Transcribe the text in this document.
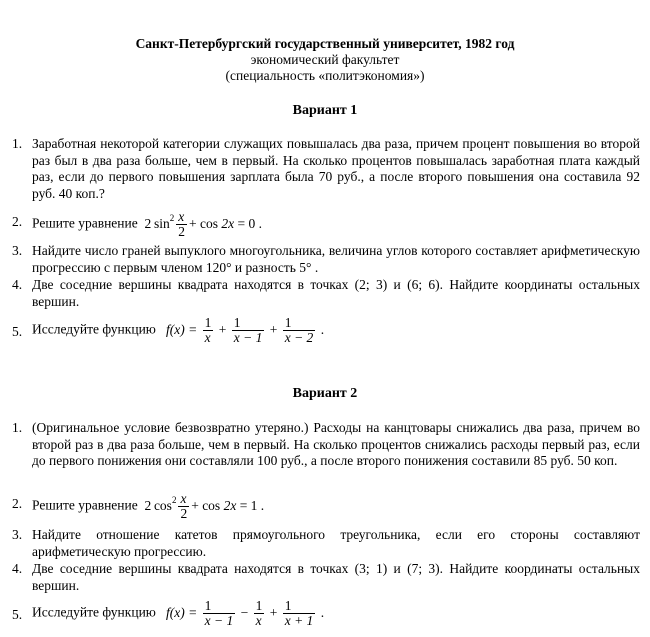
Санкт-Петербургский государственный университет, 1982 год
экономический факультет
(специальность «политэкономия»)
Вариант 1
1. Заработная некоторой категории служащих повышалась два раза, причем процент повышения во второй раз был в два раза больше, чем в первый. На сколько процентов повышалась заработная плата каждый раз, если до первого повышения зарплата была 70 руб., а после второго повышения она составила 92 руб. 40 коп.?
2. Решите уравнение 2  $\sin^2 \frac{x}{2} + \cos 2x = 0$ .
3. Найдите число граней выпуклого многоугольника, величина углов которого составляет арифметическую прогрессию с первым членом 120° и разность 5° .
4. Две соседние вершины квадрата находятся в точках (2; 3) и (6; 6). Найдите координаты остальных вершин.
5. Исследуйте функцию $f(x) = \frac{1}{x} + \frac{1}{x - 1} + \frac{1}{x - 2}$ .
Вариант 2
1. (Оригинальное условие безвозвратно утеряно.) Расходы на канцтовары снижались два раза, причем во второй раз в два раза больше, чем в первый. На сколько процентов снижались расходы первый раз, если до первого понижения они составляли 100 руб., а после второго понижения составили 85 руб. 50 коп.
2. Решите уравнение 2  $\cos^2 \frac{x}{2} + \cos 2x = 1$ .
3. Найдите отношение катетов прямоугольного треугольника, если его стороны составляют арифметическую прогрессию.
4. Две соседние вершины квадрата находятся в точках (3; 1) и (7; 3). Найдите координаты остальных вершин.
5. Исследуйте функцию $f(x) = \frac{1}{x - 1} - \frac{1}{x} + \frac{1}{x + 1}$ .
